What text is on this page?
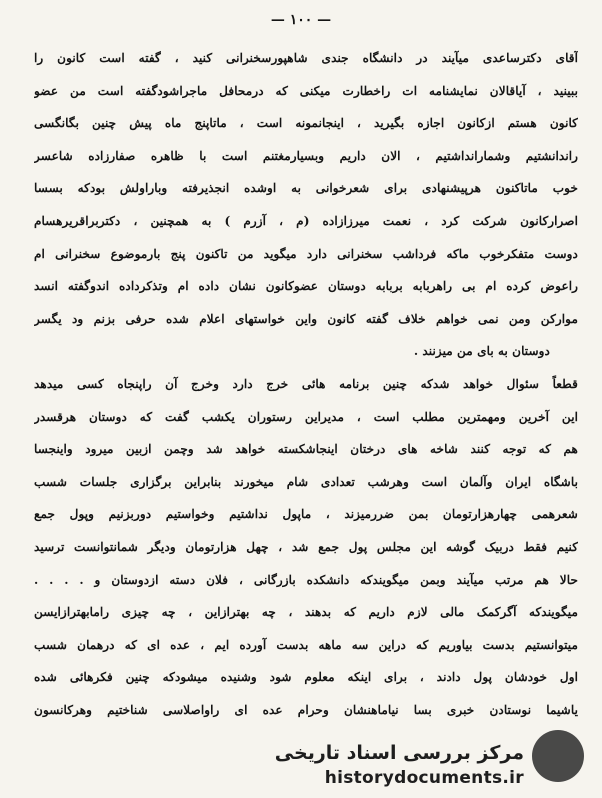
— ۱۰۰ —
آقای دکترساعدی میآیند در دانشگاه جندی شاهپورسخنرانی کنید ، گفته است کانون را
ببینید ، آیاقالان نمایشنامه ات راخطارت میکنی که درمحافل ماجراشودگفته است من عضو
کانون هستم ازکانون اجازه بگیرید ، اینجانمونه است ، ماتاپنج ماه پیش چنین بگانگسی
راندانشتیم وشمارانداشتیم ، الان داریم وبسیارمغتنم است با ظاهره صفارزاده شاعسر
خوب ماتاکنون هرپیشنهادی برای شعرخوانی به اوشده انجذیرفته وباراولش بودکه بسسا
اصرارکانون شرکت کرد ، نعمت میرزازاده (م ، آزرم ) به همچنین ، دکتربراقریرهسام
دوست متفکرخوب ماکه فرداشب سخنرانی دارد میگوید من تاکنون پنج بارموضوع سخنرانی ام
راعوض کرده ام بی راهربابه بربابه دوستان عضوکانون نشان داده ام وتذکرداده اندوگفته انسد
موارکن ومن نمی خواهم خلاف گفته کانون واین خواستهای اعلام شده حرفی بزنم ود یگسر
دوستان به بای من میزنند .
قطعاً سئوال خواهد شدکه چنین برنامه هائی خرج دارد وخرج آن راپنجاه کسی میدهد
این آخرین ومهمترین مطلب است ، مدیراین رستوران یکشب گفت که دوستان هرقسدر
هم که توجه کنند شاخه های درختان اینجاشکسته خواهد شد وچمن ازبین میرود واینجسا
باشگاه ایران وآلمان است وهرشب تعدادی شام میخورند بنابراین برگزاری جلسات شسب
شعرهمی چهارهزارتومان بمن ضررمیزند ، ماپول نداشتیم وخواستیم دوربزنیم وپول جمع
کنیم فقط دربیک گوشه این مجلس پول جمع شد ، چهل هزارتومان ودیگر شمانتوانست ترسید
حالا هم مرتب میآیند وبمن میگویندکه دانشکده بازرگانی ، فلان دسته ازدوستان و . . . .
میگویندکه آگرکمک مالی لازم داریم که بدهند ، چه بهترازاین ، چه چیزی رامابهترازایسن
میتوانستیم بدست بیاوریم که دراین سه ماهه بدست آورده ایم ، عده ای که درهمان شسب
اول خودشان پول دادند ، برای اینکه معلوم شود وشنیده میشودکه چنین فکرهائی شده
یاشیما نوستادن خبری بسا نیاماهنشان وحرام عده ای راواصلاسی شناختیم وهرکانسون
مرکز بررسی اسناد تاریخی
historydocuments.ir
